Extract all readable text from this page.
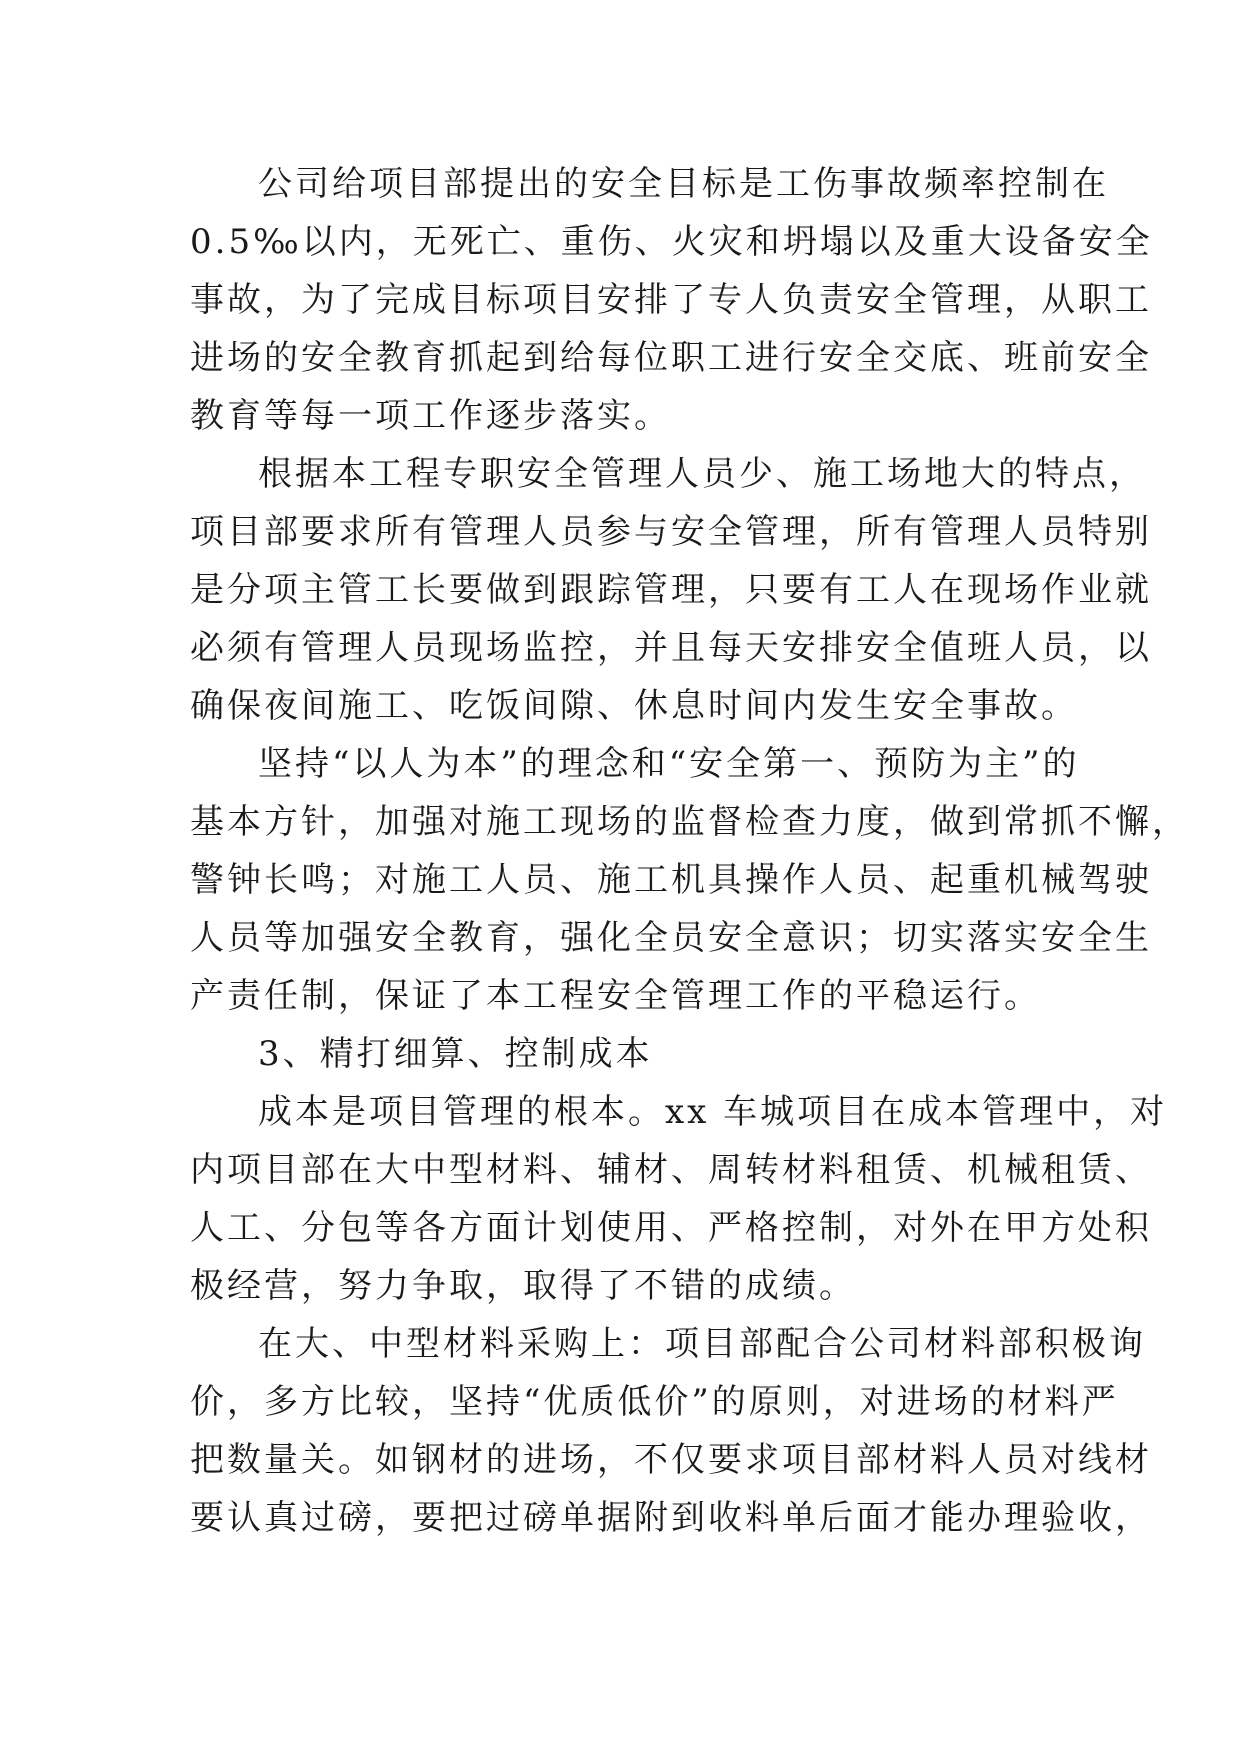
公司给项目部提出的安全目标是工伤事故频率控制在
0.5‰以内，无死亡、重伤、火灾和坍塌以及重大设备安全
事故，为了完成目标项目安排了专人负责安全管理，从职工
进场的安全教育抓起到给每位职工进行安全交底、班前安全
教育等每一项工作逐步落实。
根据本工程专职安全管理人员少、施工场地大的特点，
项目部要求所有管理人员参与安全管理，所有管理人员特别
是分项主管工长要做到跟踪管理，只要有工人在现场作业就
必须有管理人员现场监控，并且每天安排安全值班人员，以
确保夜间施工、吃饭间隙、休息时间内发生安全事故。
坚持“以人为本”的理念和“安全第一、预防为主”的
基本方针，加强对施工现场的监督检查力度，做到常抓不懈，
警钟长鸣；对施工人员、施工机具操作人员、起重机械驾驶
人员等加强安全教育，强化全员安全意识；切实落实安全生
产责任制，保证了本工程安全管理工作的平稳运行。
3、精打细算、控制成本
成本是项目管理的根本。xx 车城项目在成本管理中，对
内项目部在大中型材料、辅材、周转材料租赁、机械租赁、
人工、分包等各方面计划使用、严格控制，对外在甲方处积
极经营，努力争取，取得了不错的成绩。
在大、中型材料采购上：项目部配合公司材料部积极询
价，多方比较，坚持“优质低价”的原则，对进场的材料严
把数量关。如钢材的进场，不仅要求项目部材料人员对线材
要认真过磅，要把过磅单据附到收料单后面才能办理验收，
